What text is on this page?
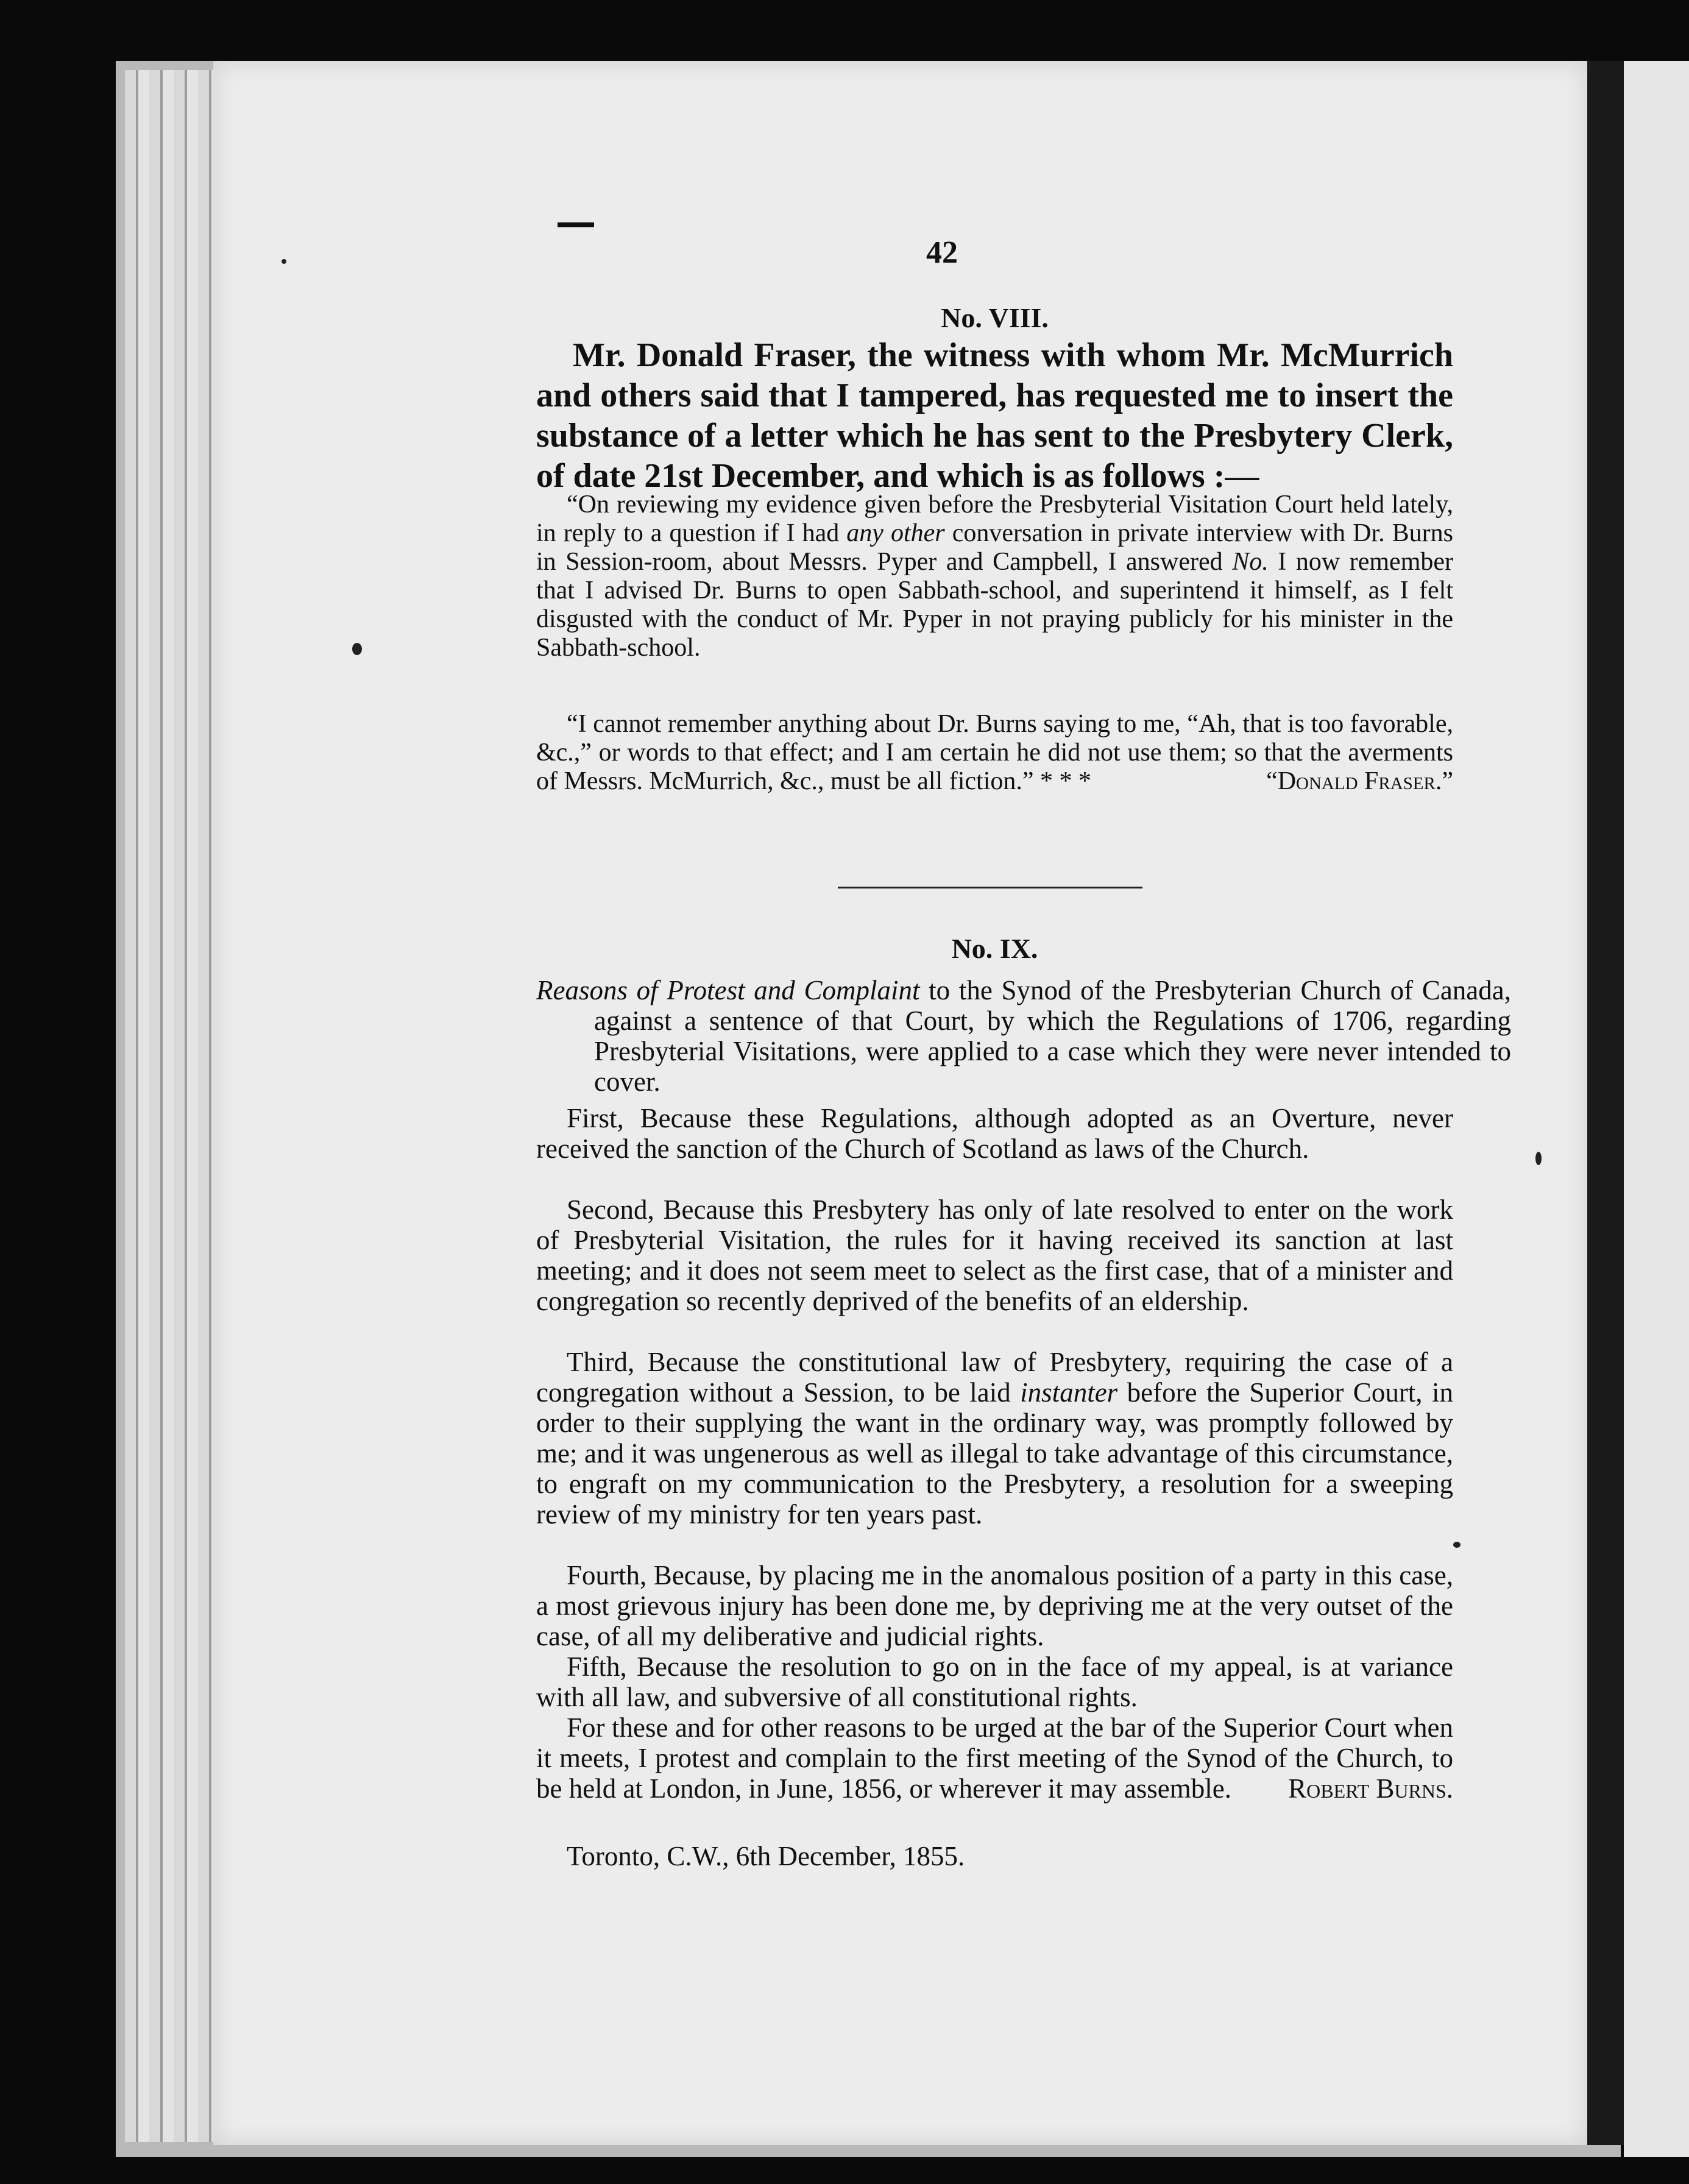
42
No. VIII.
Mr. Donald Fraser, the witness with whom Mr. McMurrich and others said that I tampered, has requested me to insert the substance of a letter which he has sent to the Presbytery Clerk, of date 21st December, and which is as follows :—
“On reviewing my evidence given before the Presbyterial Visitation Court held lately, in reply to a question if I had any other conversation in private interview with Dr. Burns in Session-room, about Messrs. Pyper and Campbell, I answered No. I now remember that I advised Dr. Burns to open Sabbath-school, and superintend it himself, as I felt disgusted with the conduct of Mr. Pyper in not praying publicly for his minister in the Sabbath-school.
“I cannot remember anything about Dr. Burns saying to me, “Ah, that is too favorable, &c.,” or words to that effect; and I am certain he did not use them; so that the averments of Messrs. McMurrich, &c., must be all fiction.” * * *	“Donald Fraser.”
No. IX.
Reasons of Protest and Complaint to the Synod of the Presbyterian Church of Canada, against a sentence of that Court, by which the Regulations of 1706, regarding Presbyterial Visitations, were applied to a case which they were never intended to cover.
First, Because these Regulations, although adopted as an Overture, never received the sanction of the Church of Scotland as laws of the Church.
Second, Because this Presbytery has only of late resolved to enter on the work of Presbyterial Visitation, the rules for it having received its sanction at last meeting; and it does not seem meet to select as the first case, that of a minister and congregation so recently deprived of the benefits of an eldership.
Third, Because the constitutional law of Presbytery, requiring the case of a congregation without a Session, to be laid instanter before the Superior Court, in order to their supplying the want in the ordinary way, was promptly followed by me; and it was ungenerous as well as illegal to take advantage of this circumstance, to engraft on my communication to the Presbytery, a resolution for a sweeping review of my ministry for ten years past.
Fourth, Because, by placing me in the anomalous position of a party in this case, a most grievous injury has been done me, by depriving me at the very outset of the case, of all my deliberative and judicial rights.
Fifth, Because the resolution to go on in the face of my appeal, is at variance with all law, and subversive of all constitutional rights.
For these and for other reasons to be urged at the bar of the Superior Court when it meets, I protest and complain to the first meeting of the Synod of the Church, to be held at London, in June, 1856, or wherever it may assemble.	Robert Burns.
Toronto, C.W., 6th December, 1855.
